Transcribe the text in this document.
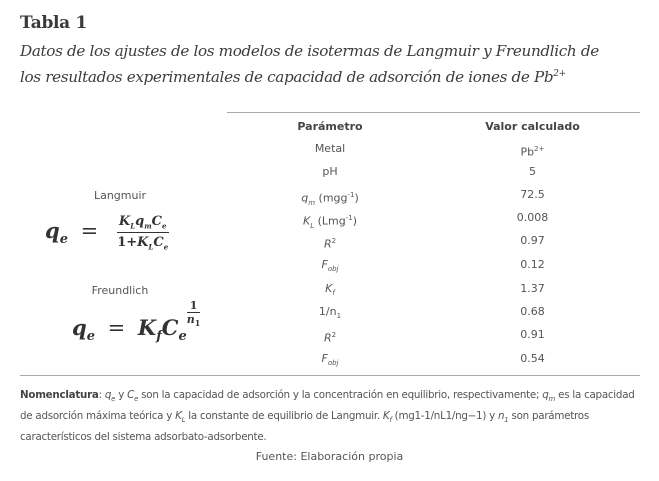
Tabla 1
Datos de los ajustes de los modelos de isotermas de Langmuir y Freundlich de
los resultados experimentales de capacidad de adsorción de iones de $Pb^{2+}$
Parámetro	Valor calculado
Metal	$Pb^{2+}$
pH	5
$q_m$ (mgg$^{-1}$)	72.5
$K_L$ (Lmg$^{-1}$)	0.008
$R^2$	0.97
$F_{obj}$	0.12
$K_f$	1.37
$1/n_1$	0.68
$R^2$	0.91
$F_{obj}$	0.54
Langmuir
$q_e = \frac{K_Lq_mC_e}{1+K_LC_e}$
Freundlich
$q_e = K_fC_e$
$\frac{1}{n_1}$
Nomenclatura: $q_e$ y $C_e$ son la capacidad de adsorción y la concentración en equilibrio, respectivamente; $q_m$ es la capacidad de adsorción máxima teórica y $K_L$ la constante de equilibrio de Langmuir. $K_f$ (mg1-1/nL1/ng−1) y $n_1$ son parámetros característicos del sistema adsorbato-adsorbente.
Fuente: Elaboración propia
